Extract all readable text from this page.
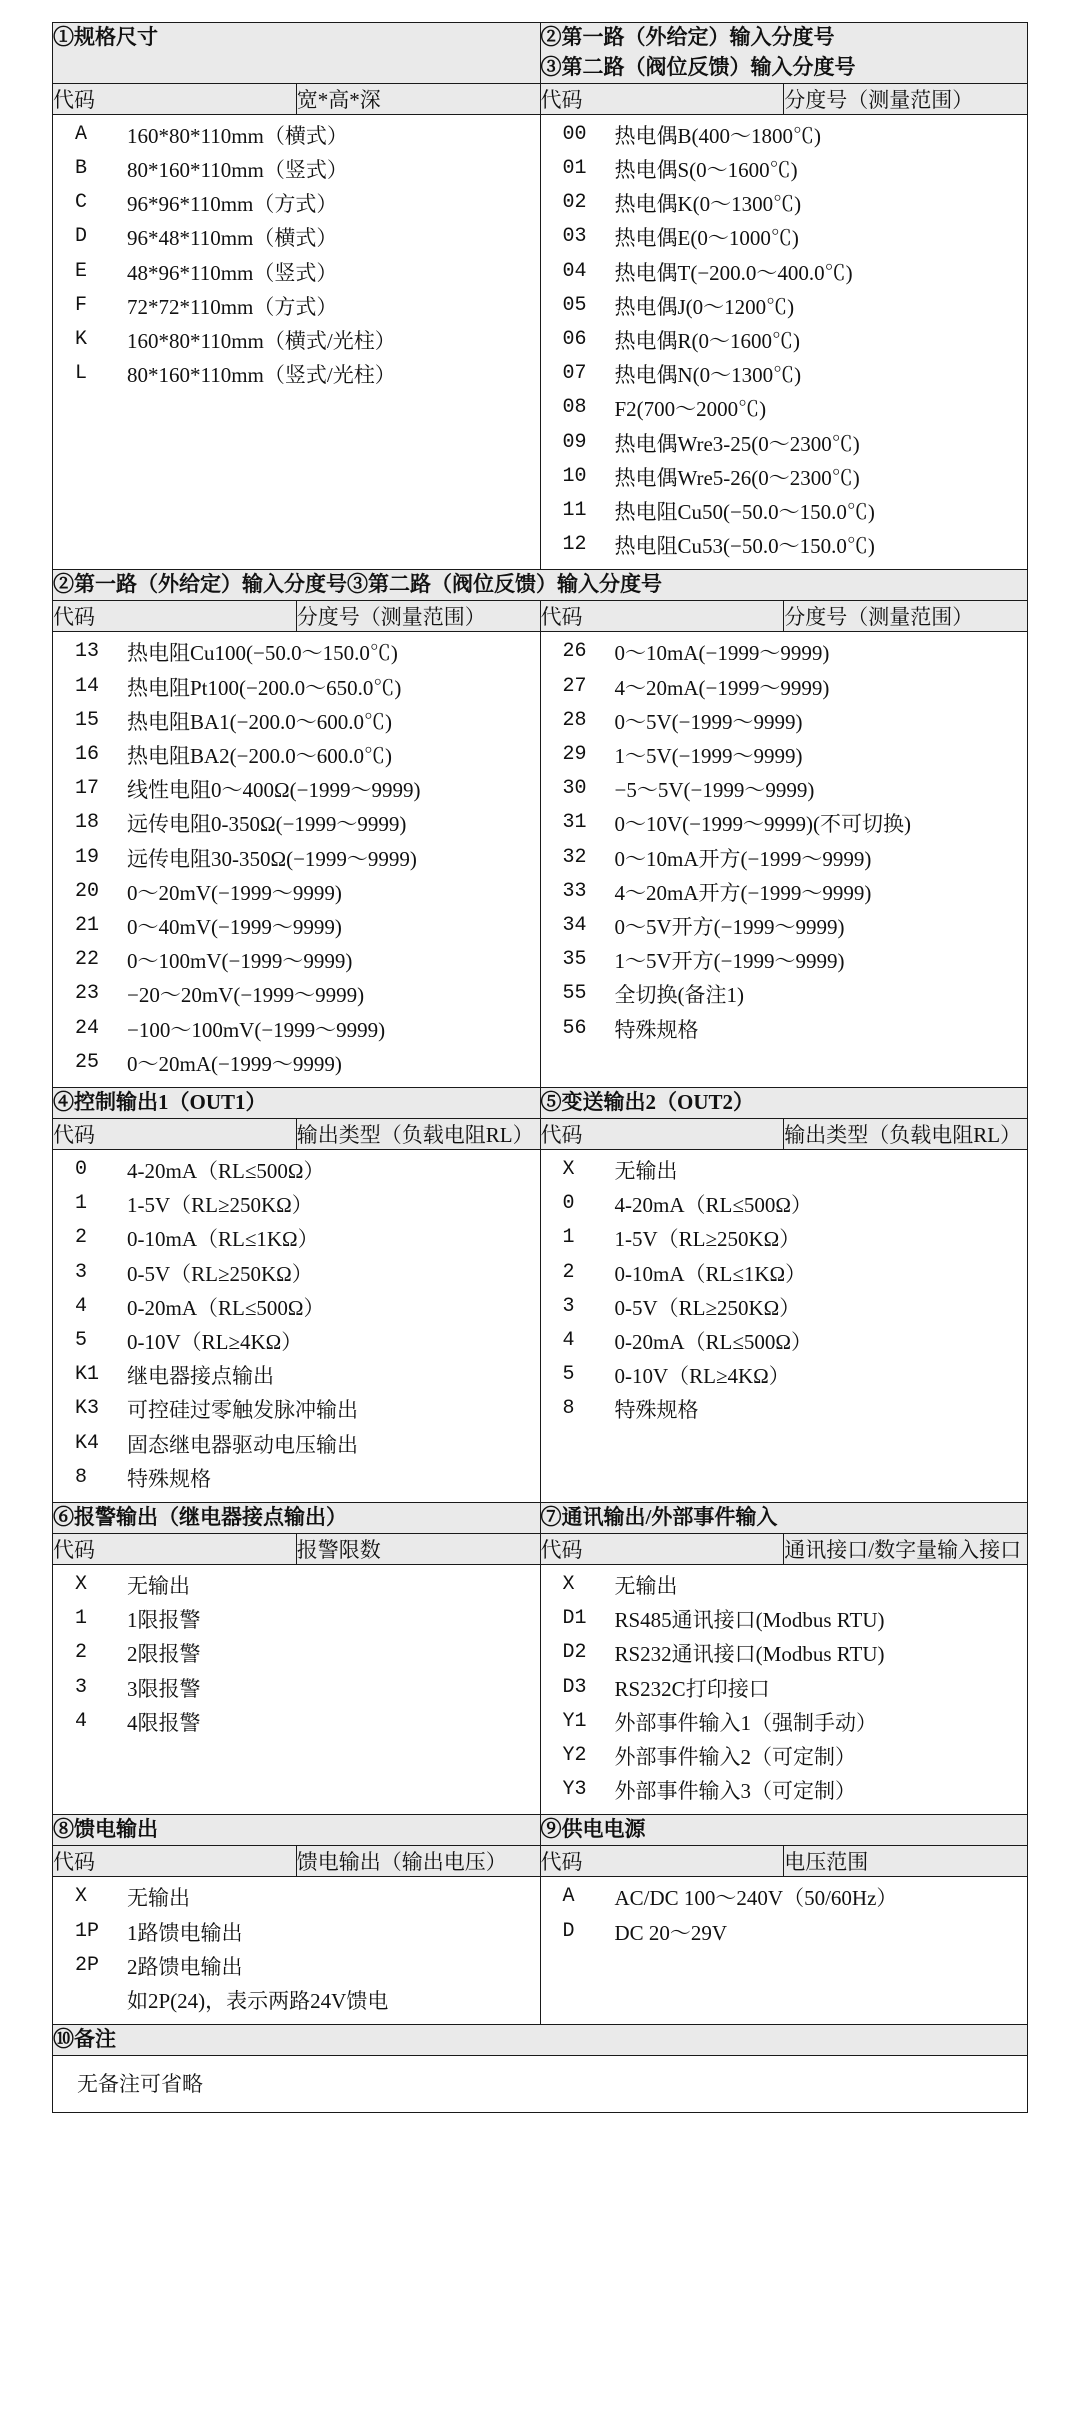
①规格尺寸		②第一路（外给定）输入分度号
③第二路（阀位反馈）输入分度号	

代码	宽*高*深	代码	分度号（测量范围）

A	160*80*110mm（横式）
B	80*160*110mm（竖式）
C	96*96*110mm（方式）
D	96*48*110mm（横式）
E	48*96*110mm（竖式）
F	72*72*110mm（方式）
K	160*80*110mm（横式/光柱）
L	80*160*110mm（竖式/光柱）

00	热电偶B(400～1800℃)
01	热电偶S(0～1600℃)
02	热电偶K(0～1300℃)
03	热电偶E(0～1000℃)
04	热电偶T(−200.0～400.0℃)
05	热电偶J(0～1200℃)
06	热电偶R(0～1600℃)
07	热电偶N(0～1300℃)
08	F2(700～2000℃)
09	热电偶Wre3-25(0～2300℃)
10	热电偶Wre5-26(0～2300℃)
11	热电阻Cu50(−50.0～150.0℃)
12	热电阻Cu53(−50.0～150.0℃)

②第一路（外给定）输入分度号③第二路（阀位反馈）输入分度号			
代码	分度号（测量范围）	代码	分度号（测量范围）

13	热电阻Cu100(−50.0～150.0℃)
14	热电阻Pt100(−200.0～650.0℃)
15	热电阻BA1(−200.0～600.0℃)
16	热电阻BA2(−200.0～600.0℃)
17	线性电阻0～400Ω(−1999～9999)
18	远传电阻0-350Ω(−1999～9999)
19	远传电阻30-350Ω(−1999～9999)
20	0～20mV(−1999～9999)
21	0～40mV(−1999～9999)
22	0～100mV(−1999～9999)
23	−20～20mV(−1999～9999)
24	−100～100mV(−1999～9999)
25	0～20mA(−1999～9999)

26	0～10mA(−1999～9999)
27	4～20mA(−1999～9999)
28	0～5V(−1999～9999)
29	1～5V(−1999～9999)
30	−5～5V(−1999～9999)
31	0～10V(−1999～9999)(不可切换)
32	0～10mA开方(−1999～9999)
33	4～20mA开方(−1999～9999)
34	0～5V开方(−1999～9999)
35	1～5V开方(−1999～9999)
55	全切换(备注1)
56	特殊规格

④控制输出1（OUT1）		⑤变送输出2（OUT2）	
代码	输出类型（负载电阻RL）	代码	输出类型（负载电阻RL）

0	4-20mA（RL≤500Ω）
1	1-5V（RL≥250KΩ）
2	0-10mA（RL≤1KΩ）
3	0-5V（RL≥250KΩ）
4	0-20mA（RL≤500Ω）
5	0-10V（RL≥4KΩ）
K1	继电器接点输出
K3	可控硅过零触发脉冲输出
K4	固态继电器驱动电压输出
8	特殊规格

X	无输出
0	4-20mA（RL≤500Ω）
1	1-5V（RL≥250KΩ）
2	0-10mA（RL≤1KΩ）
3	0-5V（RL≥250KΩ）
4	0-20mA（RL≤500Ω）
5	0-10V（RL≥4KΩ）
8	特殊规格

⑥报警输出（继电器接点输出）		⑦通讯输出/外部事件输入	
代码	报警限数	代码	通讯接口/数字量输入接口

X	无输出
1	1限报警
2	2限报警
3	3限报警
4	4限报警

X	无输出
D1	RS485通讯接口(Modbus RTU)
D2	RS232通讯接口(Modbus RTU)
D3	RS232C打印接口
Y1	外部事件输入1（强制手动）
Y2	外部事件输入2（可定制）
Y3	外部事件输入3（可定制）

⑧馈电输出		⑨供电电源	
代码	馈电输出（输出电压）	代码	电压范围

X	无输出
1P	1路馈电输出
2P	2路馈电输出
如2P(24)，表示两路24V馈电

A	AC/DC 100～240V（50/60Hz）
D	DC 20～29V

⑩备注			

无备注可省略			
